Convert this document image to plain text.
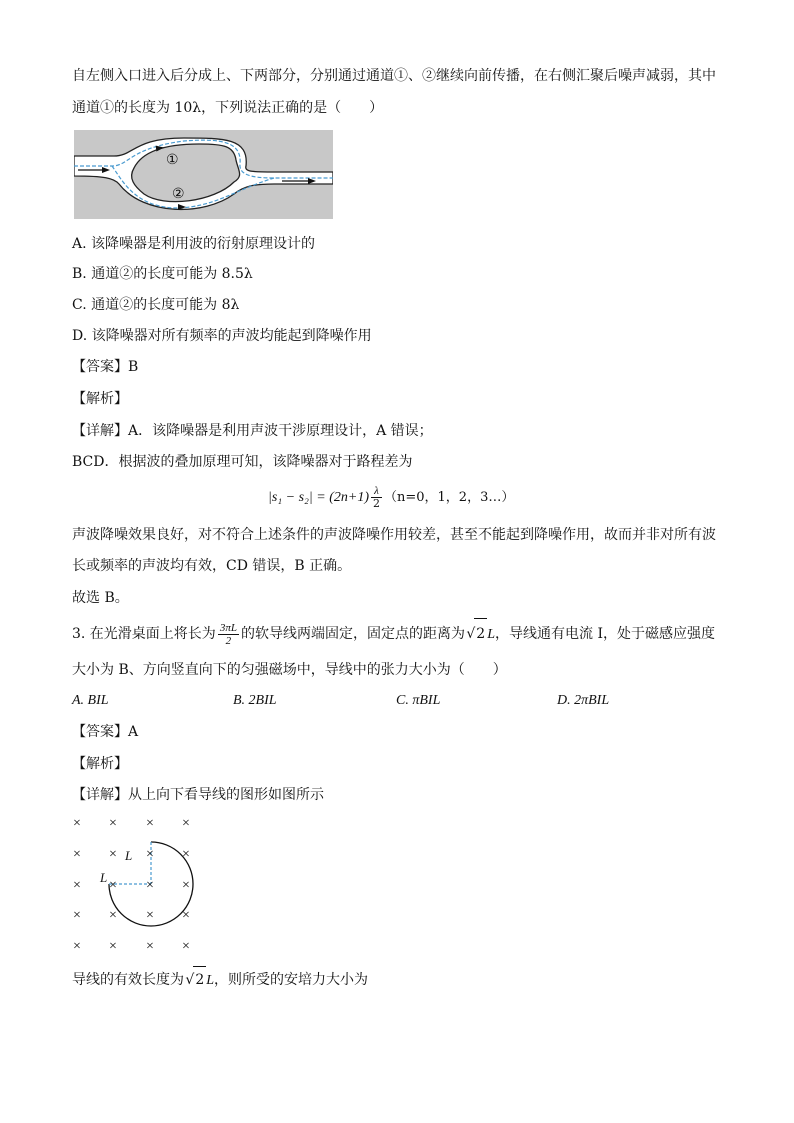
自左侧入口进入后分成上、下两部分，分别通过通道①、②继续向前传播，在右侧汇聚后噪声减弱，其中
通道①的长度为 10λ，下列说法正确的是（　　）
①
②
A. 该降噪器是利用波的衍射原理设计的
B. 通道②的长度可能为 8.5λ
C. 通道②的长度可能为 8λ
D. 该降噪器对所有频率的声波均能起到降噪作用
【答案】B
【解析】
【详解】A．该降噪器是利用声波干涉原理设计，A 错误；
BCD．根据波的叠加原理可知，该降噪器对于路程差为
$|s_1 - s_2| = (2n+1) \frac{\lambda}{2} (n=0$，1，2，3…）
声波降噪效果良好，对不符合上述条件的声波降噪作用较差，甚至不能起到降噪作用，故而并非对所有波
长或频率的声波均有效，CD 错误，B 正确。
故选 B。
3. 在光滑桌面上将长为 $\frac{3\pi L}{2}$ 的软导线两端固定，固定点的距离为 √2 L，导线通有电流 I，处于磁感应强度
大小为 B、方向竖直向下的匀强磁场中，导线中的张力大小为（　　）
A. BIL	B. 2BIL	C. πBIL	D. 2πBIL
【答案】A
【解析】
【详解】从上向下看导线的图形如图所示
L
L
× × × ×
× × × ×
× × × ×
× × × ×
× × × ×
导线的有效长度为 √2 L，则所受的安培力大小为
